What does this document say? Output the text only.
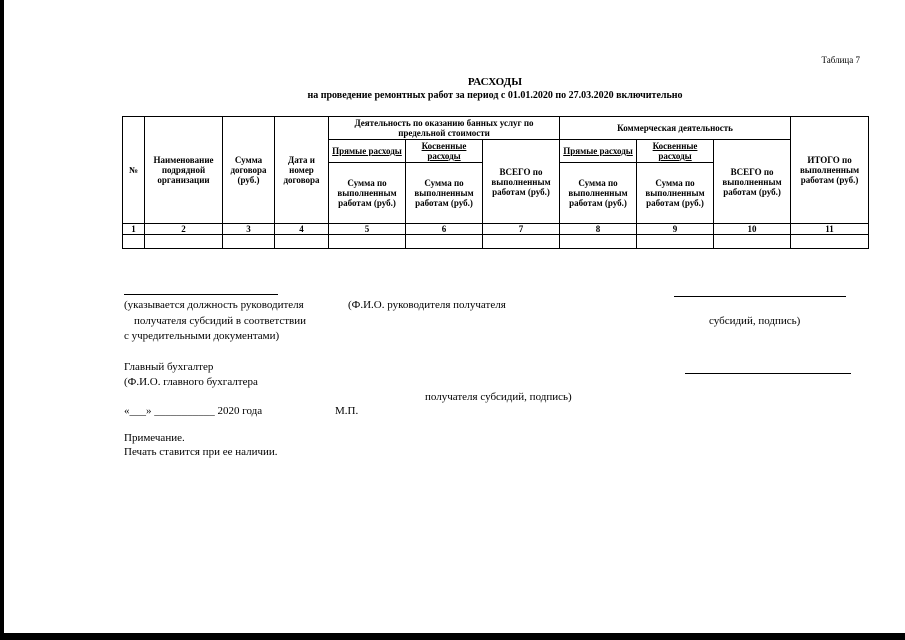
Таблица 7
РАСХОДЫ
на проведение ремонтных работ за период с 01.01.2020 по 27.03.2020 включительно
№	Наименование подрядной организации	Сумма договора (руб.)	Дата и номер договора	Деятельность по оказанию банных услуг по предельной стоимости			Коммерческая деятельность			ИТОГО по выполненным работам (руб.)
				Прямые расходы	Косвенные расходы	ВСЕГО по выполненным работам (руб.)	Прямые расходы	Косвенные расходы	ВСЕГО по выполненным работам (руб.)	
				Сумма по выполненным работам (руб.)	Сумма по выполненным работам (руб.)		Сумма по выполненным работам (руб.)	Сумма по выполненным работам (руб.)		
1	2	3	4	5	6	7	8	9	10	11

(указывается должность руководителя	(Ф.И.О. руководителя получателя
получателя субсидий в соответствии	субсидий, подпись)
с учредительными документами)
Главный бухгалтер
(Ф.И.О. главного бухгалтера
получателя субсидий, подпись)
«___» ___________ 2020 года	М.П.
Примечание.
Печать ставится при ее наличии.
